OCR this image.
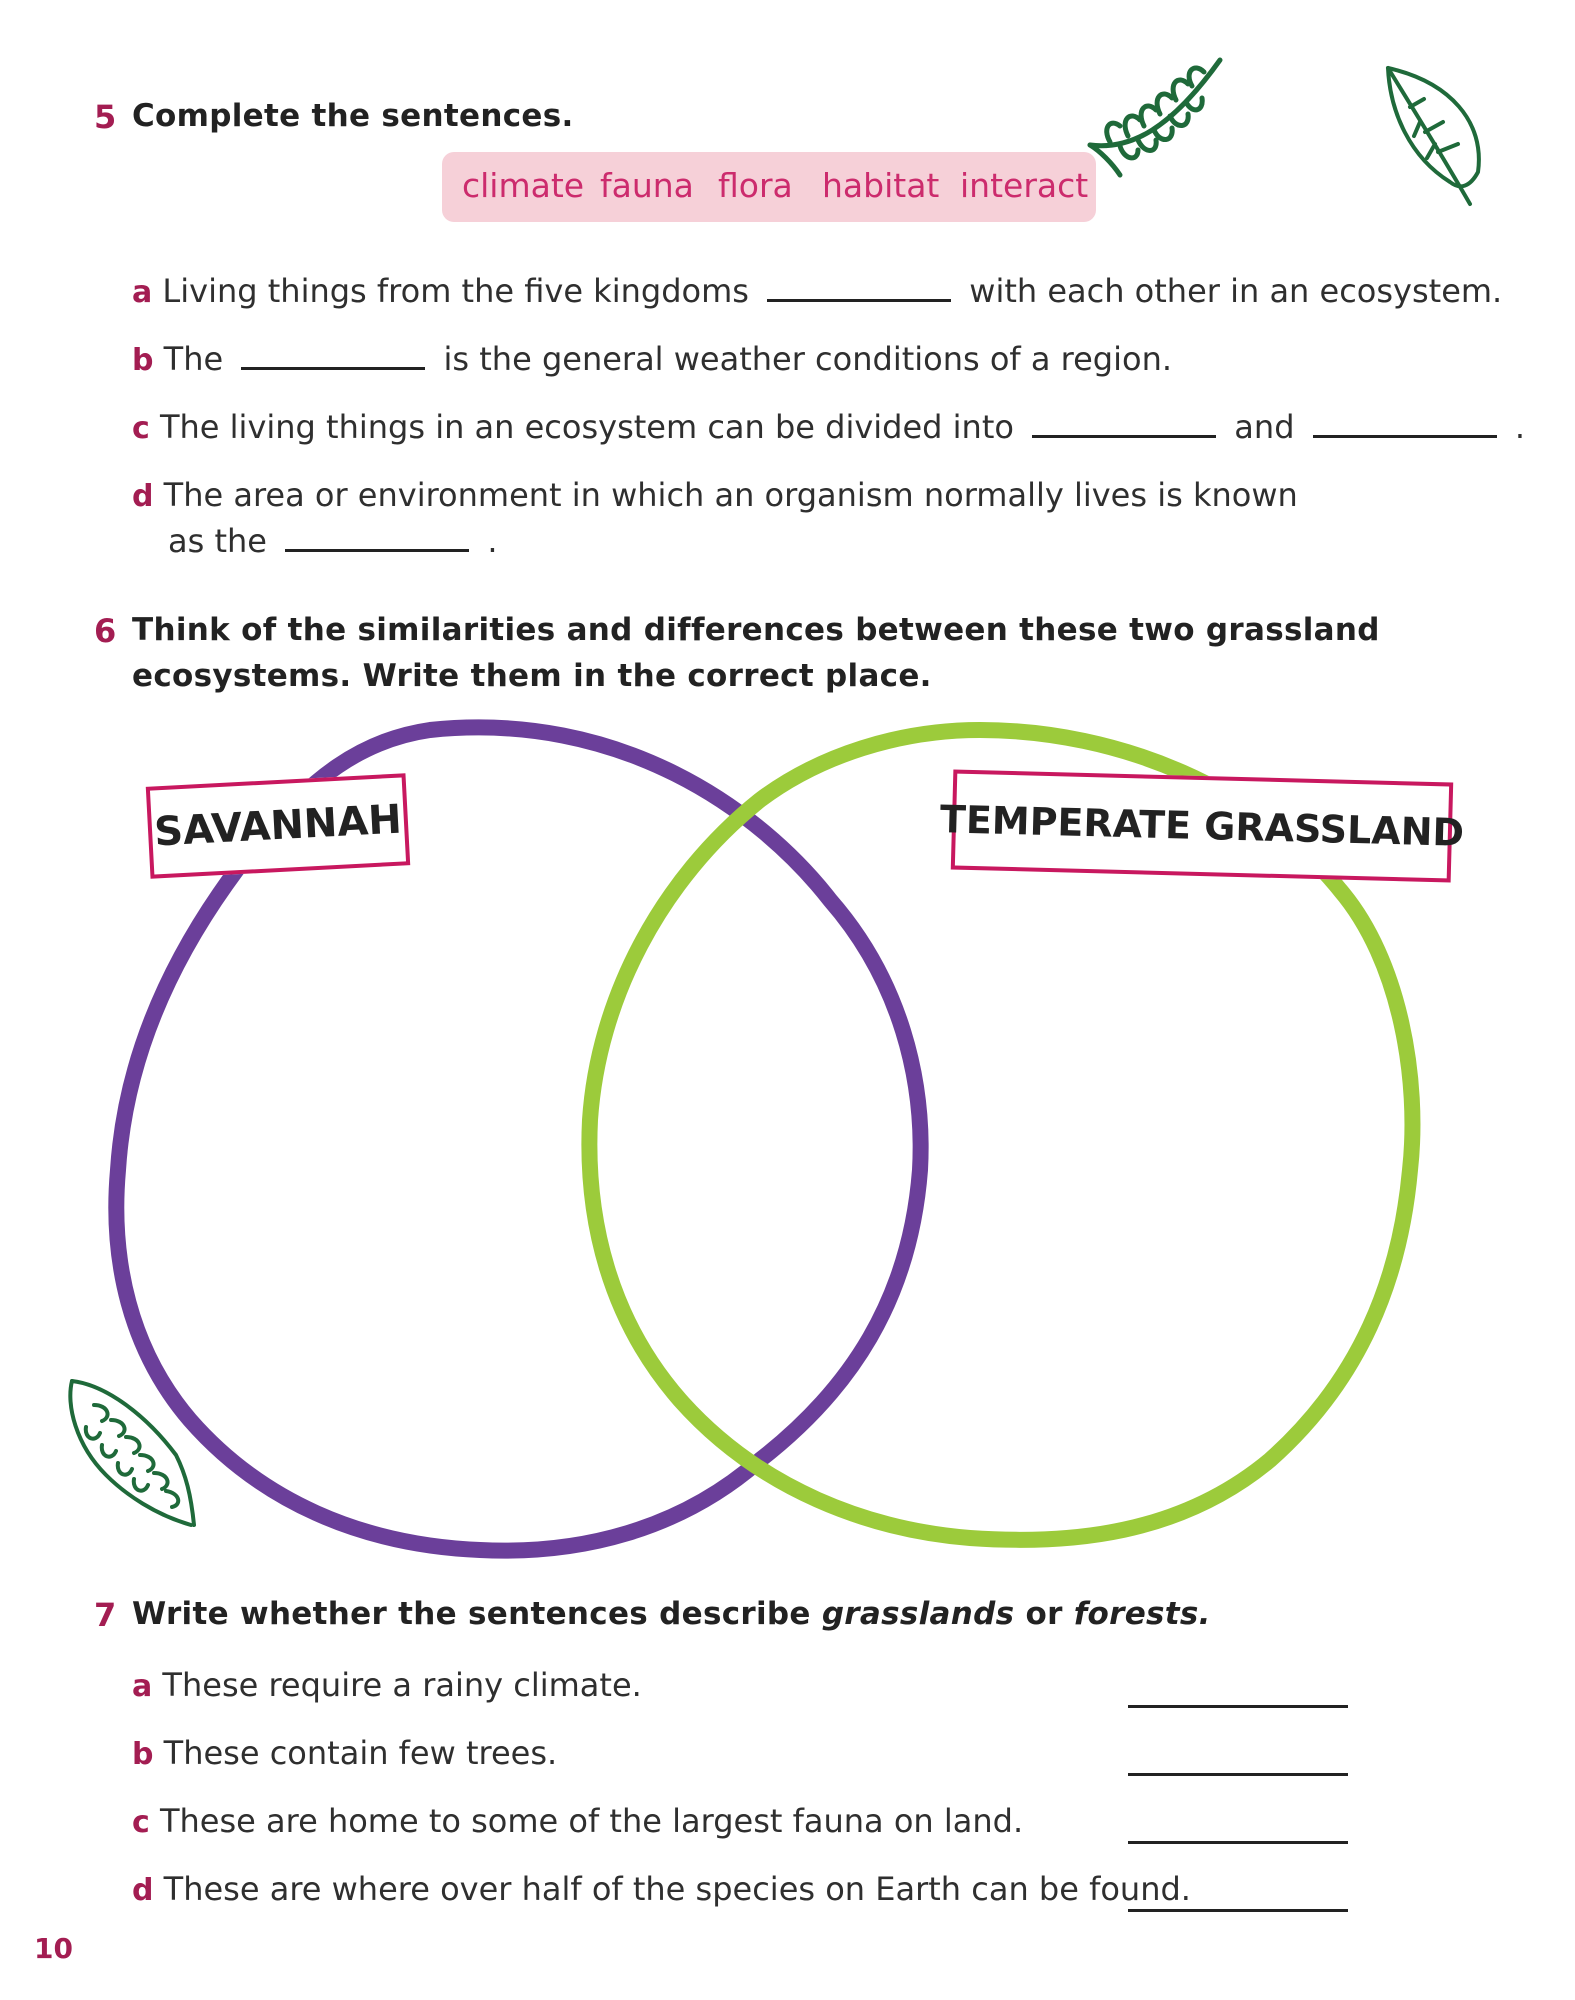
5 Complete the sentences.
climate fauna flora habitat interact
a Living things from the five kingdoms	with each other in an ecosystem.
b The	is the general weather conditions of a region.
c The living things in an ecosystem can be divided into	and	.
d The area or environment in which an organism normally lives is known
as the	.
6 Think of the similarities and differences between these two grassland
ecosystems. Write them in the correct place.
SAVANNAH	TEMPERATE GRASSLAND
7 Write whether the sentences describe grasslands or forests.
a These require a rainy climate.
b These contain few trees.
c These are home to some of the largest fauna on land.
d These are where over half of the species on Earth can be found.
10
